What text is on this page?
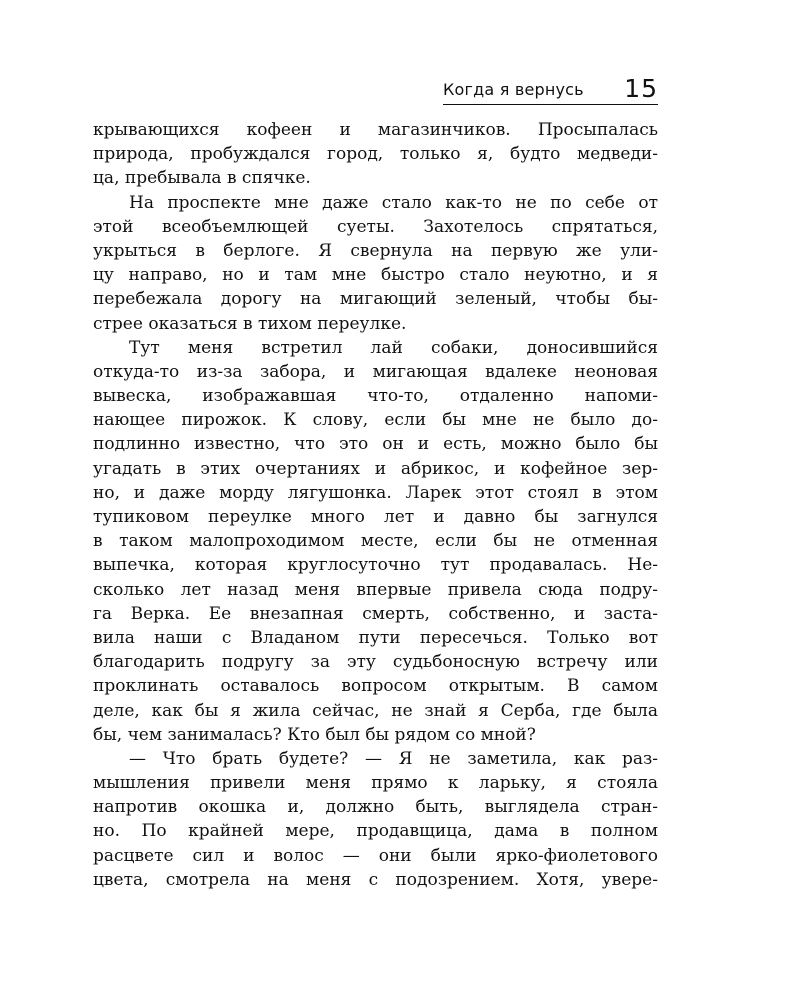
Когда я вернусь 15
крывающихся кофеен и магазинчиков. Просыпалась
природа, пробуждался город, только я, будто медведи-
ца, пребывала в спячке.
На проспекте мне даже стало как-то не по себе от
этой всеобъемлющей суеты. Захотелось спрятаться,
укрыться в берлоге. Я свернула на первую же ули-
цу направо, но и там мне быстро стало неуютно, и я
перебежала дорогу на мигающий зеленый, чтобы бы-
стрее оказаться в тихом переулке.
Тут меня встретил лай собаки, доносившийся
откуда-то из-за забора, и мигающая вдалеке неоновая
вывеска, изображавшая что-то, отдаленно напоми-
нающее пирожок. К слову, если бы мне не было до-
подлинно известно, что это он и есть, можно было бы
угадать в этих очертаниях и абрикос, и кофейное зер-
но, и даже морду лягушонка. Ларек этот стоял в этом
тупиковом переулке много лет и давно бы загнулся
в таком малопроходимом месте, если бы не отменная
выпечка, которая круглосуточно тут продавалась. Не-
сколько лет назад меня впервые привела сюда подру-
га Верка. Ее внезапная смерть, собственно, и заста-
вила наши с Владаном пути пересечься. Только вот
благодарить подругу за эту судьбоносную встречу или
проклинать оставалось вопросом открытым. В самом
деле, как бы я жила сейчас, не знай я Серба, где была
бы, чем занималась? Кто был бы рядом со мной?
— Что брать будете? — Я не заметила, как раз-
мышления привели меня прямо к ларьку, я стояла
напротив окошка и, должно быть, выглядела стран-
но. По крайней мере, продавщица, дама в полном
расцвете сил и волос — они были ярко-фиолетового
цвета, смотрела на меня с подозрением. Хотя, увере-
